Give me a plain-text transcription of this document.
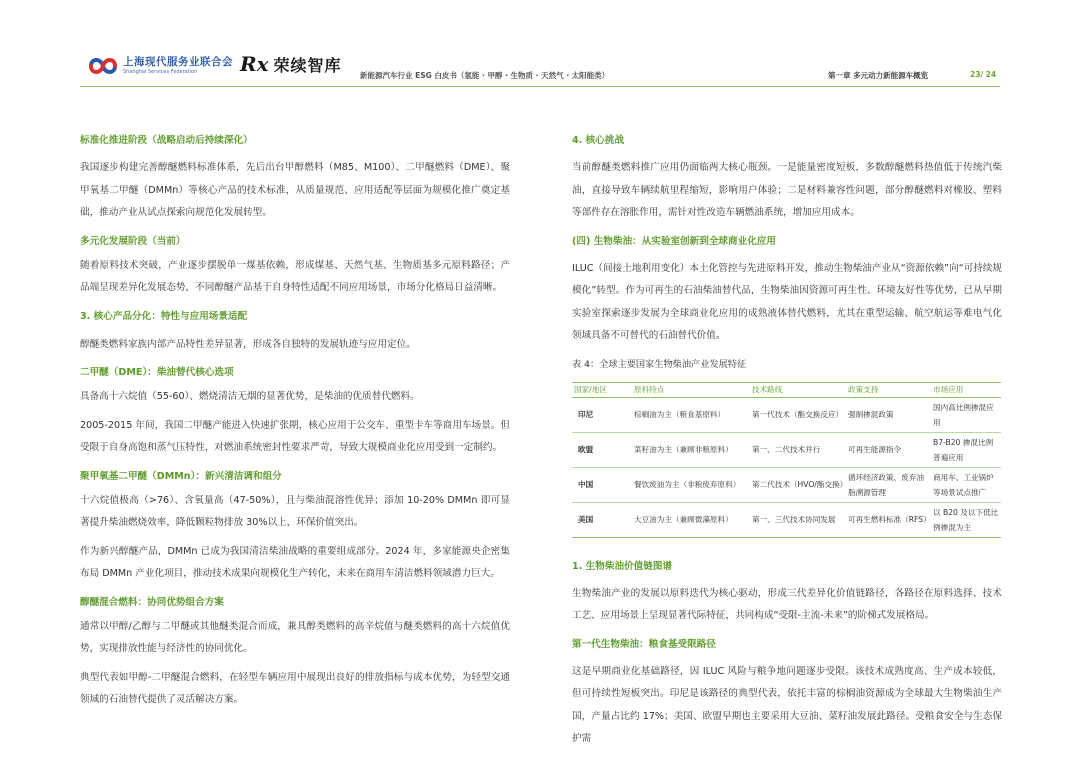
上海现代服务业联合会
Shanghai Services Federation	Rx 荣续智库
新能源汽车行业 ESG 白皮书（氢能 · 甲醇 · 生物质 · 天然气 · 太阳能类）	第一章 多元动力新能源车概览	23/ 24
标准化推进阶段（战略启动后持续深化）
我国逐步构建完善醇醚燃料标准体系，先后出台甲醇燃料（M85、M100）、二甲醚燃料（DME）、聚甲氧基二甲醚（DMMn）等核心产品的技术标准，从质量规范、应用适配等层面为规模化推广奠定基础，推动产业从试点探索向规范化发展转型。
多元化发展阶段（当前）
随着原料技术突破，产业逐步摆脱单一煤基依赖，形成煤基、天然气基、生物质基多元原料路径；产品端呈现差异化发展态势，不同醇醚产品基于自身特性适配不同应用场景，市场分化格局日益清晰。
3. 核心产品分化：特性与应用场景适配
醇醚类燃料家族内部产品特性差异显著，形成各自独特的发展轨迹与应用定位。
二甲醚（DME）：柴油替代核心选项
具备高十六烷值（55-60）、燃烧清洁无烟的显著优势，是柴油的优质替代燃料。
2005-2015 年间，我国二甲醚产能进入快速扩张期，核心应用于公交车、重型卡车等商用车场景。但受限于自身高饱和蒸气压特性，对燃油系统密封性要求严苛，导致大规模商业化应用受到一定制约。
聚甲氧基二甲醚（DMMn）：新兴清洁调和组分
十六烷值极高（>76）、含氧量高（47-50%），且与柴油混溶性优异；添加 10-20% DMMn 即可显著提升柴油燃烧效率，降低颗粒物排放 30%以上，环保价值突出。
作为新兴醇醚产品，DMMn 已成为我国清洁柴油战略的重要组成部分。2024 年，多家能源央企密集布局 DMMn 产业化项目，推动技术成果向规模化生产转化，未来在商用车清洁燃料领域潜力巨大。
醇醚混合燃料：协同优势组合方案
通常以甲醇/乙醇与二甲醚或其他醚类混合而成，兼具醇类燃料的高辛烷值与醚类燃料的高十六烷值优势，实现排放性能与经济性的协同优化。
典型代表如甲醇-二甲醚混合燃料，在轻型车辆应用中展现出良好的排放指标与成本优势，为轻型交通领域的石油替代提供了灵活解决方案。
4. 核心挑战
当前醇醚类燃料推广应用仍面临两大核心瓶颈。一是能量密度短板，多数醇醚燃料热值低于传统汽柴油，直接导致车辆续航里程缩短，影响用户体验；二是材料兼容性问题，部分醇醚燃料对橡胶、塑料等部件存在溶胀作用，需针对性改造车辆燃油系统，增加应用成本。
(四) 生物柴油：从实验室创新到全球商业化应用
ILUC（间接土地利用变化）本土化管控与先进原料开发，推动生物柴油产业从“资源依赖”向“可持续规模化”转型。作为可再生的石油柴油替代品，生物柴油因资源可再生性、环境友好性等优势，已从早期实验室探索逐步发展为全球商业化应用的成熟液体替代燃料，尤其在重型运输、航空航运等难电气化领域具备不可替代的石油替代价值。
表 4：全球主要国家生物柴油产业发展特征
国家/地区	原料特点	技术路线	政策支持	市场应用
印尼	棕榈油为主（粮食基原料）	第一代技术（酯交换反应）	强制掺混政策	国内高比例掺混应用
欧盟	菜籽油为主（兼顾非粮原料）	第一、二代技术并行	可再生能源指令	B7-B20 掺混比例普遍应用
中国	餐饮废油为主（非粮废弃原料）	第二代技术（HVO/酯交换）	循环经济政策、废弃油脂溯源管理	商用车、工业锅炉等场景试点推广
美国	大豆油为主（兼顾微藻原料）	第一、三代技术协同发展	可再生燃料标准（RFS）	以 B20 及以下低比例掺混为主
1. 生物柴油价值链图谱
生物柴油产业的发展以原料迭代为核心驱动，形成三代差异化价值链路径，各路径在原料选择、技术工艺、应用场景上呈现显著代际特征，共同构成“受限-主流-未来”的阶梯式发展格局。
第一代生物柴油：粮食基受限路径
这是早期商业化基础路径，因 ILUC 风险与粮争地问题逐步受限。该技术成熟度高、生产成本较低，但可持续性短板突出。印尼是该路径的典型代表，依托丰富的棕榈油资源成为全球最大生物柴油生产国，产量占比约 17%；美国、欧盟早期也主要采用大豆油、菜籽油发展此路径。受粮食安全与生态保护需
